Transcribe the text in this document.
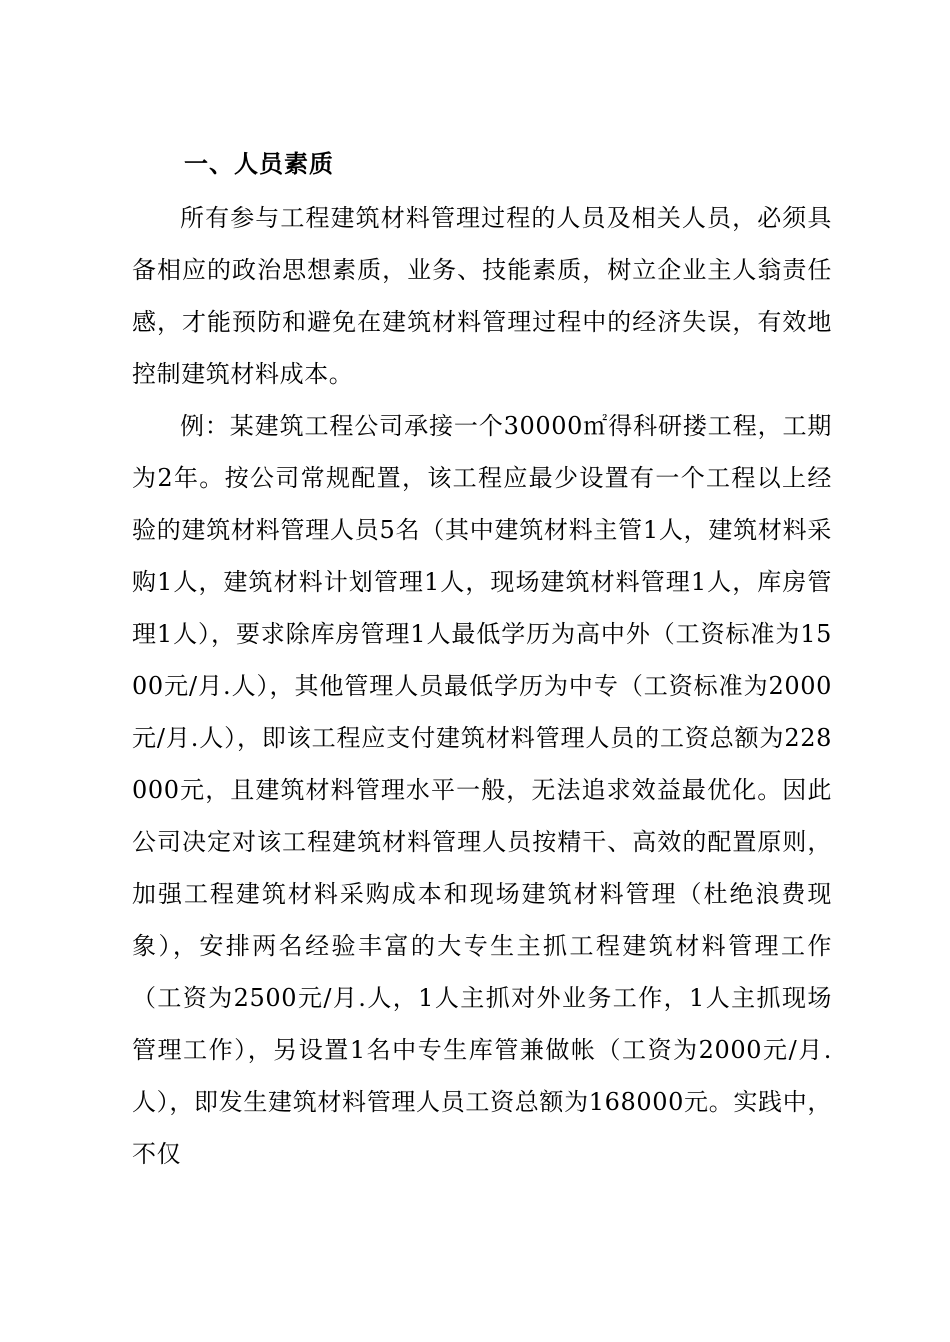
一、人员素质

所有参与工程建筑材料管理过程的人员及相关人员，必须具备相应的政治思想素质，业务、技能素质，树立企业主人翁责任感，才能预防和避免在建筑材料管理过程中的经济失误，有效地控制建筑材料成本。

例：某建筑工程公司承接一个30000㎡得科研搂工程，工期为2年。按公司常规配置，该工程应最少设置有一个工程以上经验的建筑材料管理人员5名（其中建筑材料主管1人，建筑材料采购1人，建筑材料计划管理1人，现场建筑材料管理1人，库房管理1人），要求除库房管理1人最低学历为高中外（工资标准为1500元/月.人），其他管理人员最低学历为中专（工资标准为2000元/月.人），即该工程应支付建筑材料管理人员的工资总额为228000元，且建筑材料管理水平一般，无法追求效益最优化。因此公司决定对该工程建筑材料管理人员按精干、高效的配置原则，加强工程建筑材料采购成本和现场建筑材料管理（杜绝浪费现象），安排两名经验丰富的大专生主抓工程建筑材料管理工作（工资为2500元/月.人，1人主抓对外业务工作，1人主抓现场管理工作），另设置1名中专生库管兼做帐（工资为2000元/月.人），即发生建筑材料管理人员工资总额为168000元。实践中，不仅
